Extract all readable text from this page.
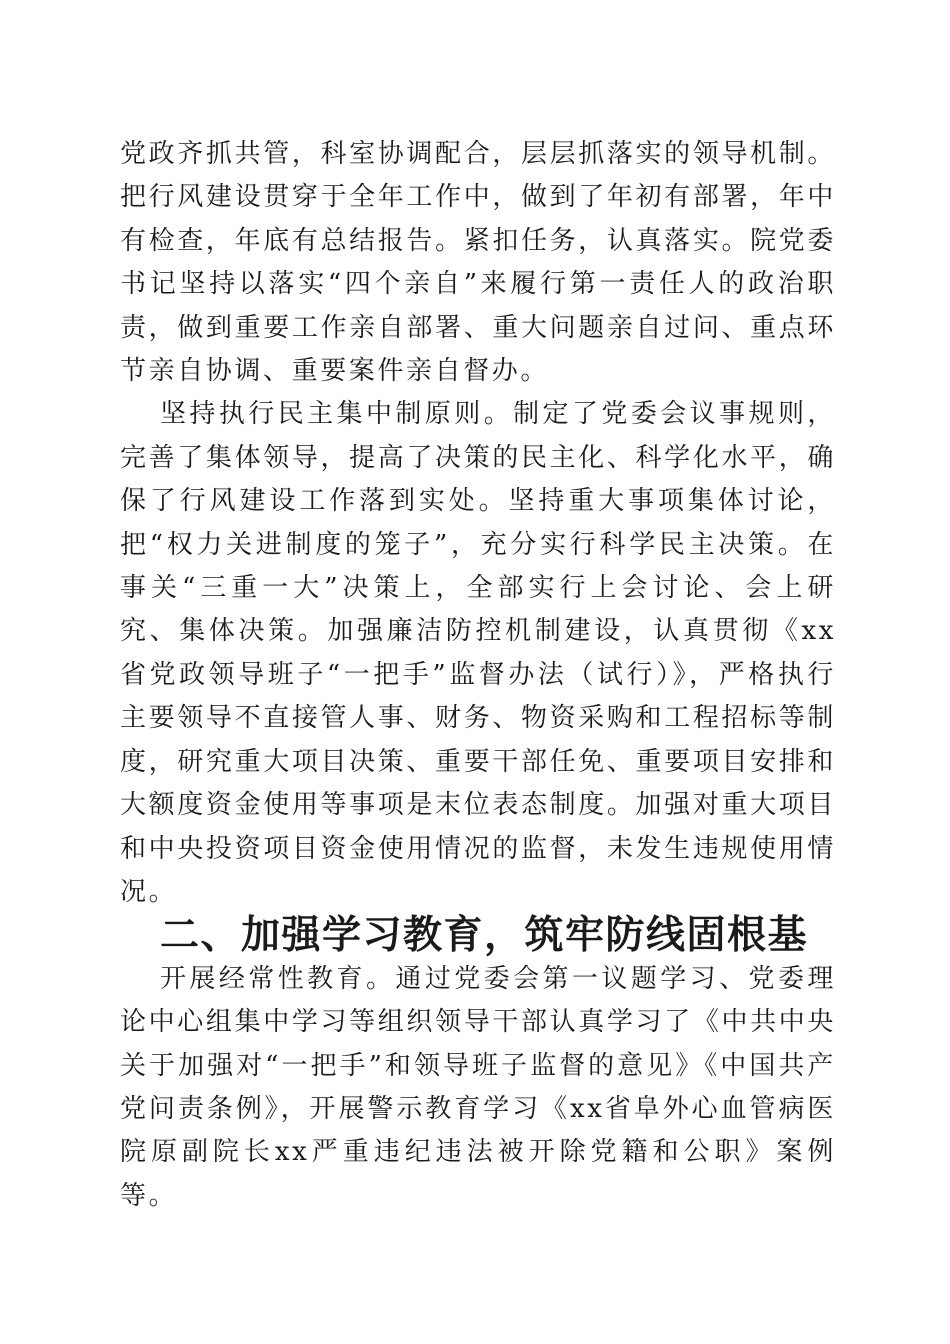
党政齐抓共管，科室协调配合，层层抓落实的领导机制。把行风建设贯穿于全年工作中，做到了年初有部署，年中有检查，年底有总结报告。紧扣任务，认真落实。院党委书记坚持以落实“四个亲自”来履行第一责任人的政治职责，做到重要工作亲自部署、重大问题亲自过问、重点环节亲自协调、重要案件亲自督办。

坚持执行民主集中制原则。制定了党委会议事规则，完善了集体领导，提高了决策的民主化、科学化水平，确保了行风建设工作落到实处。坚持重大事项集体讨论，把“权力关进制度的笼子”，充分实行科学民主决策。在事关“三重一大”决策上，全部实行上会讨论、会上研究、集体决策。加强廉洁防控机制建设，认真贯彻《xx省党政领导班子“一把手”监督办法（试行）》，严格执行主要领导不直接管人事、财务、物资采购和工程招标等制度，研究重大项目决策、重要干部任免、重要项目安排和大额度资金使用等事项是末位表态制度。加强对重大项目和中央投资项目资金使用情况的监督，未发生违规使用情况。

二、加强学习教育，筑牢防线固根基

开展经常性教育。通过党委会第一议题学习、党委理论中心组集中学习等组织领导干部认真学习了《中共中央关于加强对“一把手”和领导班子监督的意见》《中国共产党问责条例》，开展警示教育学习《xx省阜外心血管病医院原副院长xx严重违纪违法被开除党籍和公职》案例等。
